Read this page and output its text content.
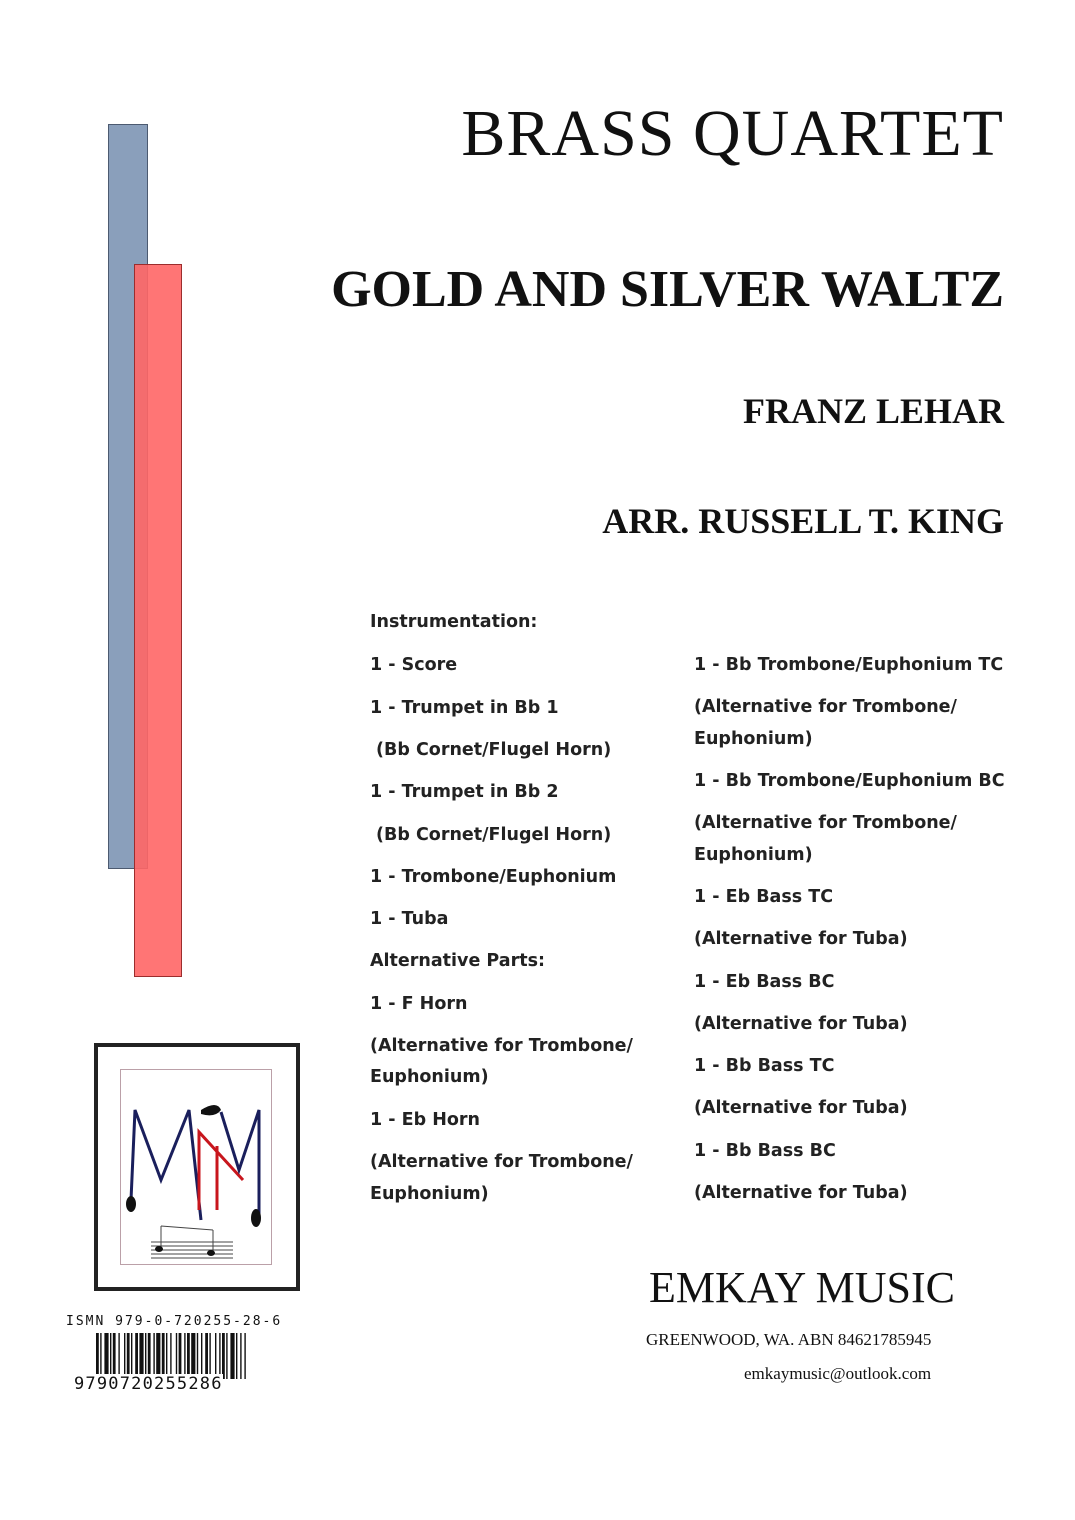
BRASS QUARTET
GOLD AND SILVER WALTZ
FRANZ LEHAR
ARR. RUSSELL T. KING
Instrumentation:
1 - Score
1 - Trumpet in Bb 1
(Bb Cornet/Flugel Horn)
1 - Trumpet in Bb 2
(Bb Cornet/Flugel Horn)
1 - Trombone/Euphonium
1 - Tuba
Alternative Parts:
1 - F Horn
(Alternative for Trombone/
Euphonium)
1 - Eb Horn
(Alternative for Trombone/
Euphonium)
1 - Bb Trombone/Euphonium TC
(Alternative for Trombone/
Euphonium)
1 - Bb Trombone/Euphonium BC
(Alternative for Trombone/
Euphonium)
1 - Eb Bass TC
(Alternative for Tuba)
1 - Eb Bass BC
(Alternative for Tuba)
1 - Bb Bass TC
(Alternative for Tuba)
1 - Bb Bass BC
(Alternative for Tuba)
ISMN 979-0-720255-28-6
9790720255286
EMKAY MUSIC
GREENWOOD, WA. ABN 84621785945
emkaymusic@outlook.com
